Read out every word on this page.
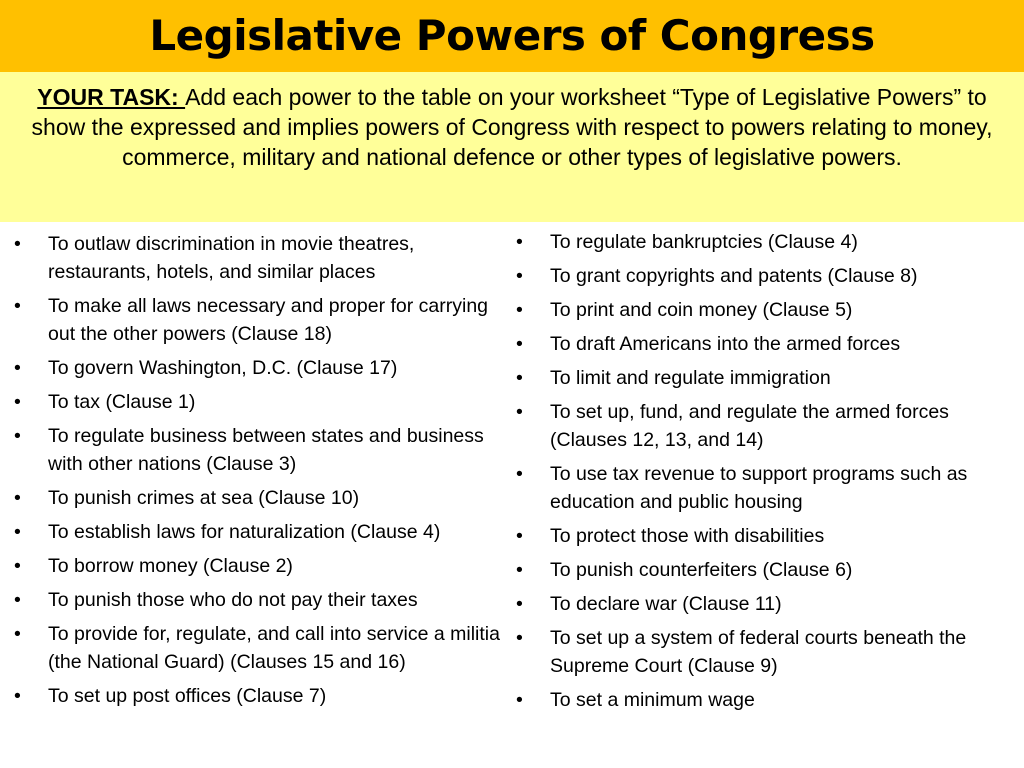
Legislative Powers of Congress
YOUR TASK: Add each power to the table on your worksheet “Type of Legislative Powers” to show the expressed and implies powers of Congress with respect to powers relating to money, commerce, military and national defence or other types of legislative powers.
•	To outlaw discrimination in movie theatres, restaurants, hotels, and similar places
•	To make all laws necessary and proper for carrying out the other powers (Clause 18)
•	To govern Washington, D.C. (Clause 17)
•	To tax (Clause 1)
•	To regulate business between states and business with other nations (Clause 3)
•	To punish crimes at sea (Clause 10)
•	To establish laws for naturalization (Clause 4)
•	To borrow money (Clause 2)
•	To punish those who do not pay their taxes
•	To provide for, regulate, and call into service a militia (the National Guard) (Clauses 15 and 16)
•	To set up post offices (Clause 7)
•	To regulate bankruptcies (Clause 4)
•	To grant copyrights and patents (Clause 8)
•	To print and coin money (Clause 5)
•	To draft Americans into the armed forces
•	To limit and regulate immigration
•	To set up, fund, and regulate the armed forces (Clauses 12, 13, and 14)
•	To use tax revenue to support programs such as education and public housing
•	To protect those with disabilities
•	To punish counterfeiters (Clause 6)
•	To declare war (Clause 11)
•	To set up a system of federal courts beneath the Supreme Court (Clause 9)
•	To set a minimum wage
